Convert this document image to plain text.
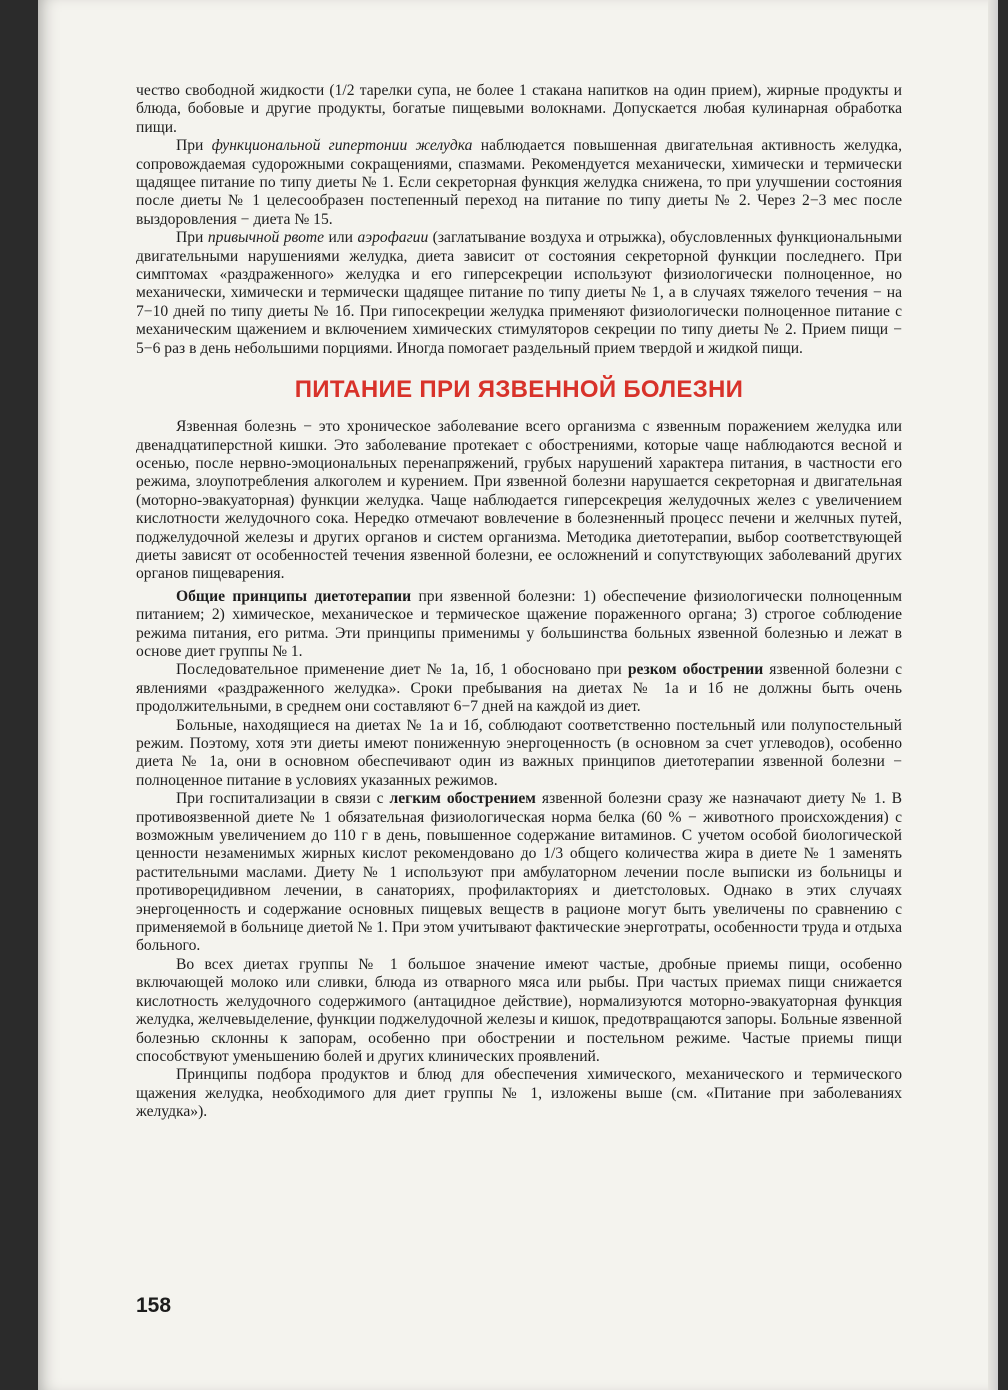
чество свободной жидкости (1/2 тарелки супа, не более 1 стакана напитков на один прием), жирные продукты и блюда, бобовые и другие продукты, богатые пищевыми волокнами. Допускается любая кулинарная обработка пищи.

При функциональной гипертонии желудка наблюдается повышенная двигательная активность желудка, сопровождаемая судорожными сокращениями, спазмами. Рекомендуется механически, химически и термически щадящее питание по типу диеты № 1. Если секреторная функция желудка снижена, то при улучшении состояния после диеты № 1 целесообразен постепенный переход на питание по типу диеты № 2. Через 2−3 мес после выздоровления − диета № 15.

При привычной рвоте или аэрофагии (заглатывание воздуха и отрыжка), обусловленных функциональными двигательными нарушениями желудка, диета зависит от состояния секреторной функции последнего. При симптомах «раздраженного» желудка и его гиперсекреции используют физиологически полноценное, но механически, химически и термически щадящее питание по типу диеты № 1, а в случаях тяжелого течения − на 7−10 дней по типу диеты № 1б. При гипосекреции желудка применяют физиологически полноценное питание с механическим щажением и включением химических стимуляторов секреции по типу диеты № 2. Прием пищи − 5−6 раз в день небольшими порциями. Иногда помогает раздельный прием твердой и жидкой пищи.

ПИТАНИЕ ПРИ ЯЗВЕННОЙ БОЛЕЗНИ

Язвенная болезнь − это хроническое заболевание всего организма с язвенным поражением желудка или двенадцатиперстной кишки. Это заболевание протекает с обострениями, которые чаще наблюдаются весной и осенью, после нервно-эмоциональных перенапряжений, грубых нарушений характера питания, в частности его режима, злоупотребления алкоголем и курением. При язвенной болезни нарушается секреторная и двигательная (моторно-эвакуаторная) функции желудка. Чаще наблюдается гиперсекреция желудочных желез с увеличением кислотности желудочного сока. Нередко отмечают вовлечение в болезненный процесс печени и желчных путей, поджелудочной железы и других органов и систем организма. Методика диетотерапии, выбор соответствующей диеты зависят от особенностей течения язвенной болезни, ее осложнений и сопутствующих заболеваний других органов пищеварения.

Общие принципы диетотерапии при язвенной болезни: 1) обеспечение физиологически полноценным питанием; 2) химическое, механическое и термическое щажение пораженного органа; 3) строгое соблюдение режима питания, его ритма. Эти принципы применимы у большинства больных язвенной болезнью и лежат в основе диет группы № 1.

Последовательное применение диет № 1а, 1б, 1 обосновано при резком обострении язвенной болезни с явлениями «раздраженного желудка». Сроки пребывания на диетах № 1а и 1б не должны быть очень продолжительными, в среднем они составляют 6−7 дней на каждой из диет.

Больные, находящиеся на диетах № 1а и 1б, соблюдают соответственно постельный или полупостельный режим. Поэтому, хотя эти диеты имеют пониженную энергоценность (в основном за счет углеводов), особенно диета № 1а, они в основном обеспечивают один из важных принципов диетотерапии язвенной болезни − полноценное питание в условиях указанных режимов.

При госпитализации в связи с легким обострением язвенной болезни сразу же назначают диету № 1. В противоязвенной диете № 1 обязательная физиологическая норма белка (60 % − животного происхождения) с возможным увеличением до 110 г в день, повышенное содержание витаминов. С учетом особой биологической ценности незаменимых жирных кислот рекомендовано до 1/3 общего количества жира в диете № 1 заменять растительными маслами. Диету № 1 используют при амбулаторном лечении после выписки из больницы и противорецидивном лечении, в санаториях, профилакториях и диетстоловых. Однако в этих случаях энергоценность и содержание основных пищевых веществ в рационе могут быть увеличены по сравнению с применяемой в больнице диетой № 1. При этом учитывают фактические энерготраты, особенности труда и отдыха больного.

Во всех диетах группы № 1 большое значение имеют частые, дробные приемы пищи, особенно включающей молоко или сливки, блюда из отварного мяса или рыбы. При частых приемах пищи снижается кислотность желудочного содержимого (антацидное действие), нормализуются моторно-эвакуаторная функция желудка, желчевыделение, функции поджелудочной железы и кишок, предотвращаются запоры. Больные язвенной болезнью склонны к запорам, особенно при обострении и постельном режиме. Частые приемы пищи способствуют уменьшению болей и других клинических проявлений.

Принципы подбора продуктов и блюд для обеспечения химического, механического и термического щажения желудка, необходимого для диет группы № 1, изложены выше (см. «Питание при заболеваниях желудка»).

158
